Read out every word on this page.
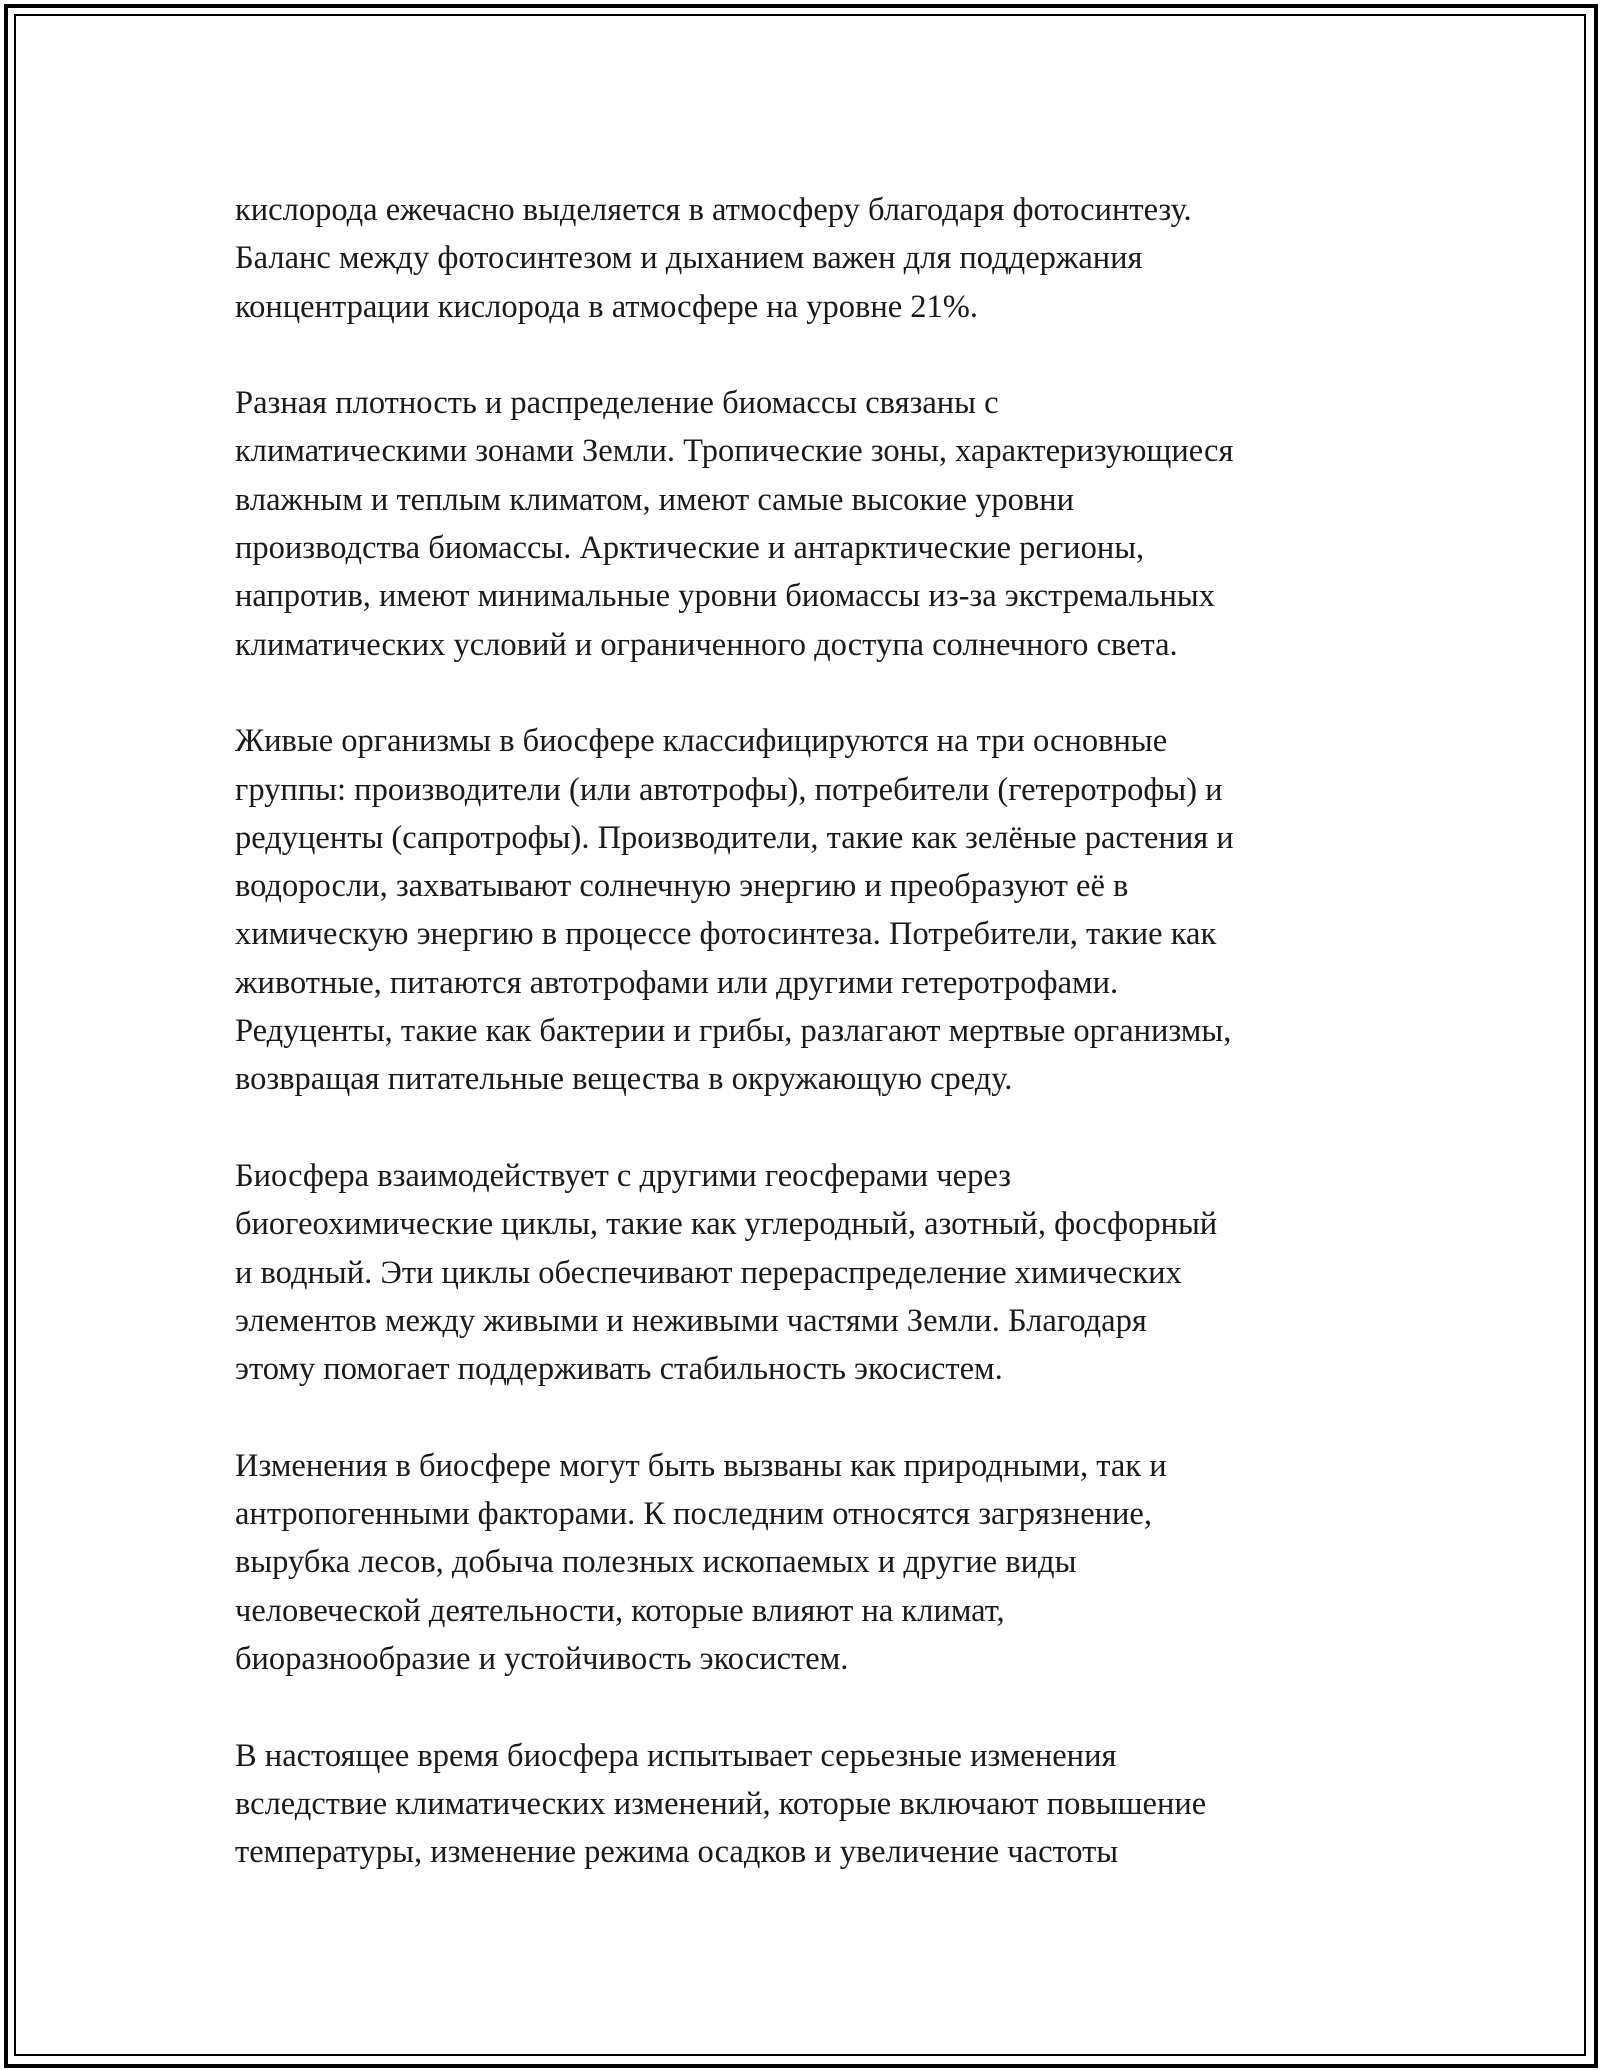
кислорода ежечасно выделяется в атмосферу благодаря фотосинтезу.
Баланс между фотосинтезом и дыханием важен для поддержания
концентрации кислорода в атмосфере на уровне 21%.

Разная плотность и распределение биомассы связаны с
климатическими зонами Земли. Тропические зоны, характеризующиеся
влажным и теплым климатом, имеют самые высокие уровни
производства биомассы. Арктические и антарктические регионы,
напротив, имеют минимальные уровни биомассы из-за экстремальных
климатических условий и ограниченного доступа солнечного света.

Живые организмы в биосфере классифицируются на три основные
группы: производители (или автотрофы), потребители (гетеротрофы) и
редуценты (сапротрофы). Производители, такие как зелёные растения и
водоросли, захватывают солнечную энергию и преобразуют её в
химическую энергию в процессе фотосинтеза. Потребители, такие как
животные, питаются автотрофами или другими гетеротрофами.
Редуценты, такие как бактерии и грибы, разлагают мертвые организмы,
возвращая питательные вещества в окружающую среду.

Биосфера взаимодействует с другими геосферами через
биогеохимические циклы, такие как углеродный, азотный, фосфорный
и водный. Эти циклы обеспечивают перераспределение химических
элементов между живыми и неживыми частями Земли. Благодаря
этому помогает поддерживать стабильность экосистем.

Изменения в биосфере могут быть вызваны как природными, так и
антропогенными факторами. К последним относятся загрязнение,
вырубка лесов, добыча полезных ископаемых и другие виды
человеческой деятельности, которые влияют на климат,
биоразнообразие и устойчивость экосистем.

В настоящее время биосфера испытывает серьезные изменения
вследствие климатических изменений, которые включают повышение
температуры, изменение режима осадков и увеличение частоты
